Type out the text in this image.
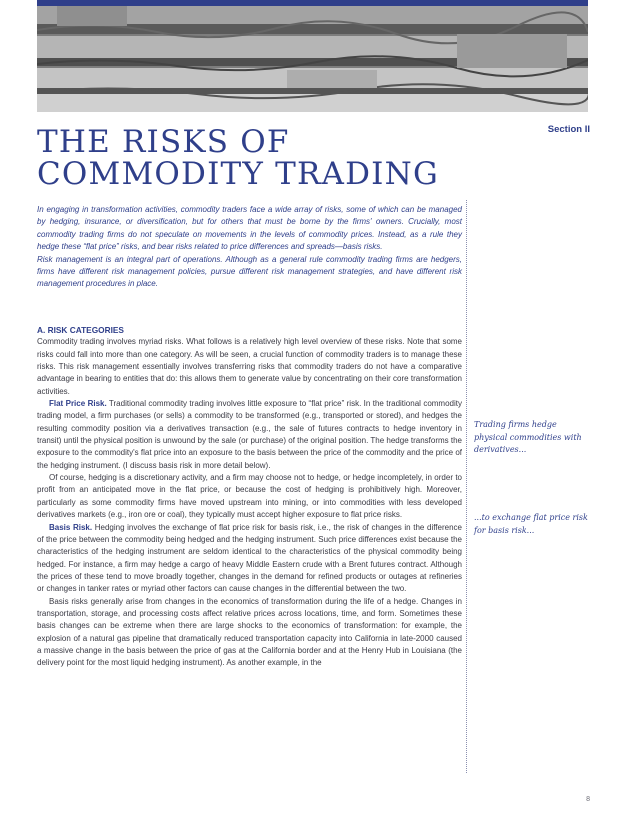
Section II
THE RISKS OF
COMMODITY TRADING

In engaging in transformation activities, commodity traders face a wide array of risks, some of which can be managed by hedging, insurance, or diversification, but for others that must be borne by the firms' owners. Crucially, most commodity trading firms do not speculate on movements in the levels of commodity prices. Instead, as a rule they hedge these “flat price” risks, and bear risks related to price differences and spreads—basis risks.

Risk management is an integral part of operations. Although as a general rule commodity trading firms are hedgers, firms have different risk management policies, pursue different risk management strategies, and have different risk management procedures in place.

A. RISK CATEGORIES

Commodity trading involves myriad risks. What follows is a relatively high level overview of these risks. Note that some risks could fall into more than one category. As will be seen, a crucial function of commodity traders is to manage these risks. This risk management essentially involves transferring risks that commodity traders do not have a comparative advantage in bearing to entities that do: this allows them to generate value by concentrating on their core transformation activities.

Flat Price Risk. Traditional commodity trading involves little exposure to “flat price” risk. In the traditional commodity trading model, a firm purchases (or sells) a commodity to be transformed (e.g., transported or stored), and hedges the resulting commodity position via a derivatives transaction (e.g., the sale of futures contracts to hedge inventory in transit) until the physical position is unwound by the sale (or purchase) of the original position. The hedge transforms the exposure to the commodity's flat price into an exposure to the basis between the price of the commodity and the price of the hedging instrument. (I discuss basis risk in more detail below).

Of course, hedging is a discretionary activity, and a firm may choose not to hedge, or hedge incompletely, in order to profit from an anticipated move in the flat price, or because the cost of hedging is prohibitively high. Moreover, particularly as some commodity firms have moved upstream into mining, or into commodities with less developed derivatives markets (e.g., iron ore or coal), they typically must accept higher exposure to flat price risks.

Basis Risk. Hedging involves the exchange of flat price risk for basis risk, i.e., the risk of changes in the difference of the price between the commodity being hedged and the hedging instrument. Such price differences exist because the characteristics of the hedging instrument are seldom identical to the characteristics of the physical commodity being hedged. For instance, a firm may hedge a cargo of heavy Middle Eastern crude with a Brent futures contract. Although the prices of these tend to move broadly together, changes in the demand for refined products or outages at refineries or changes in tanker rates or myriad other factors can cause changes in the differential between the two.

Basis risks generally arise from changes in the economics of transformation during the life of a hedge. Changes in transportation, storage, and processing costs affect relative prices across locations, time, and form. Sometimes these basis changes can be extreme when there are large shocks to the economics of transformation: for example, the explosion of a natural gas pipeline that dramatically reduced transportation capacity into California in late-2000 caused a massive change in the basis between the price of gas at the California border and at the Henry Hub in Louisiana (the delivery point for the most liquid hedging instrument). As another example, in the

Trading firms hedge physical commodities with derivatives...
...to exchange flat price risk for basis risk...
8
